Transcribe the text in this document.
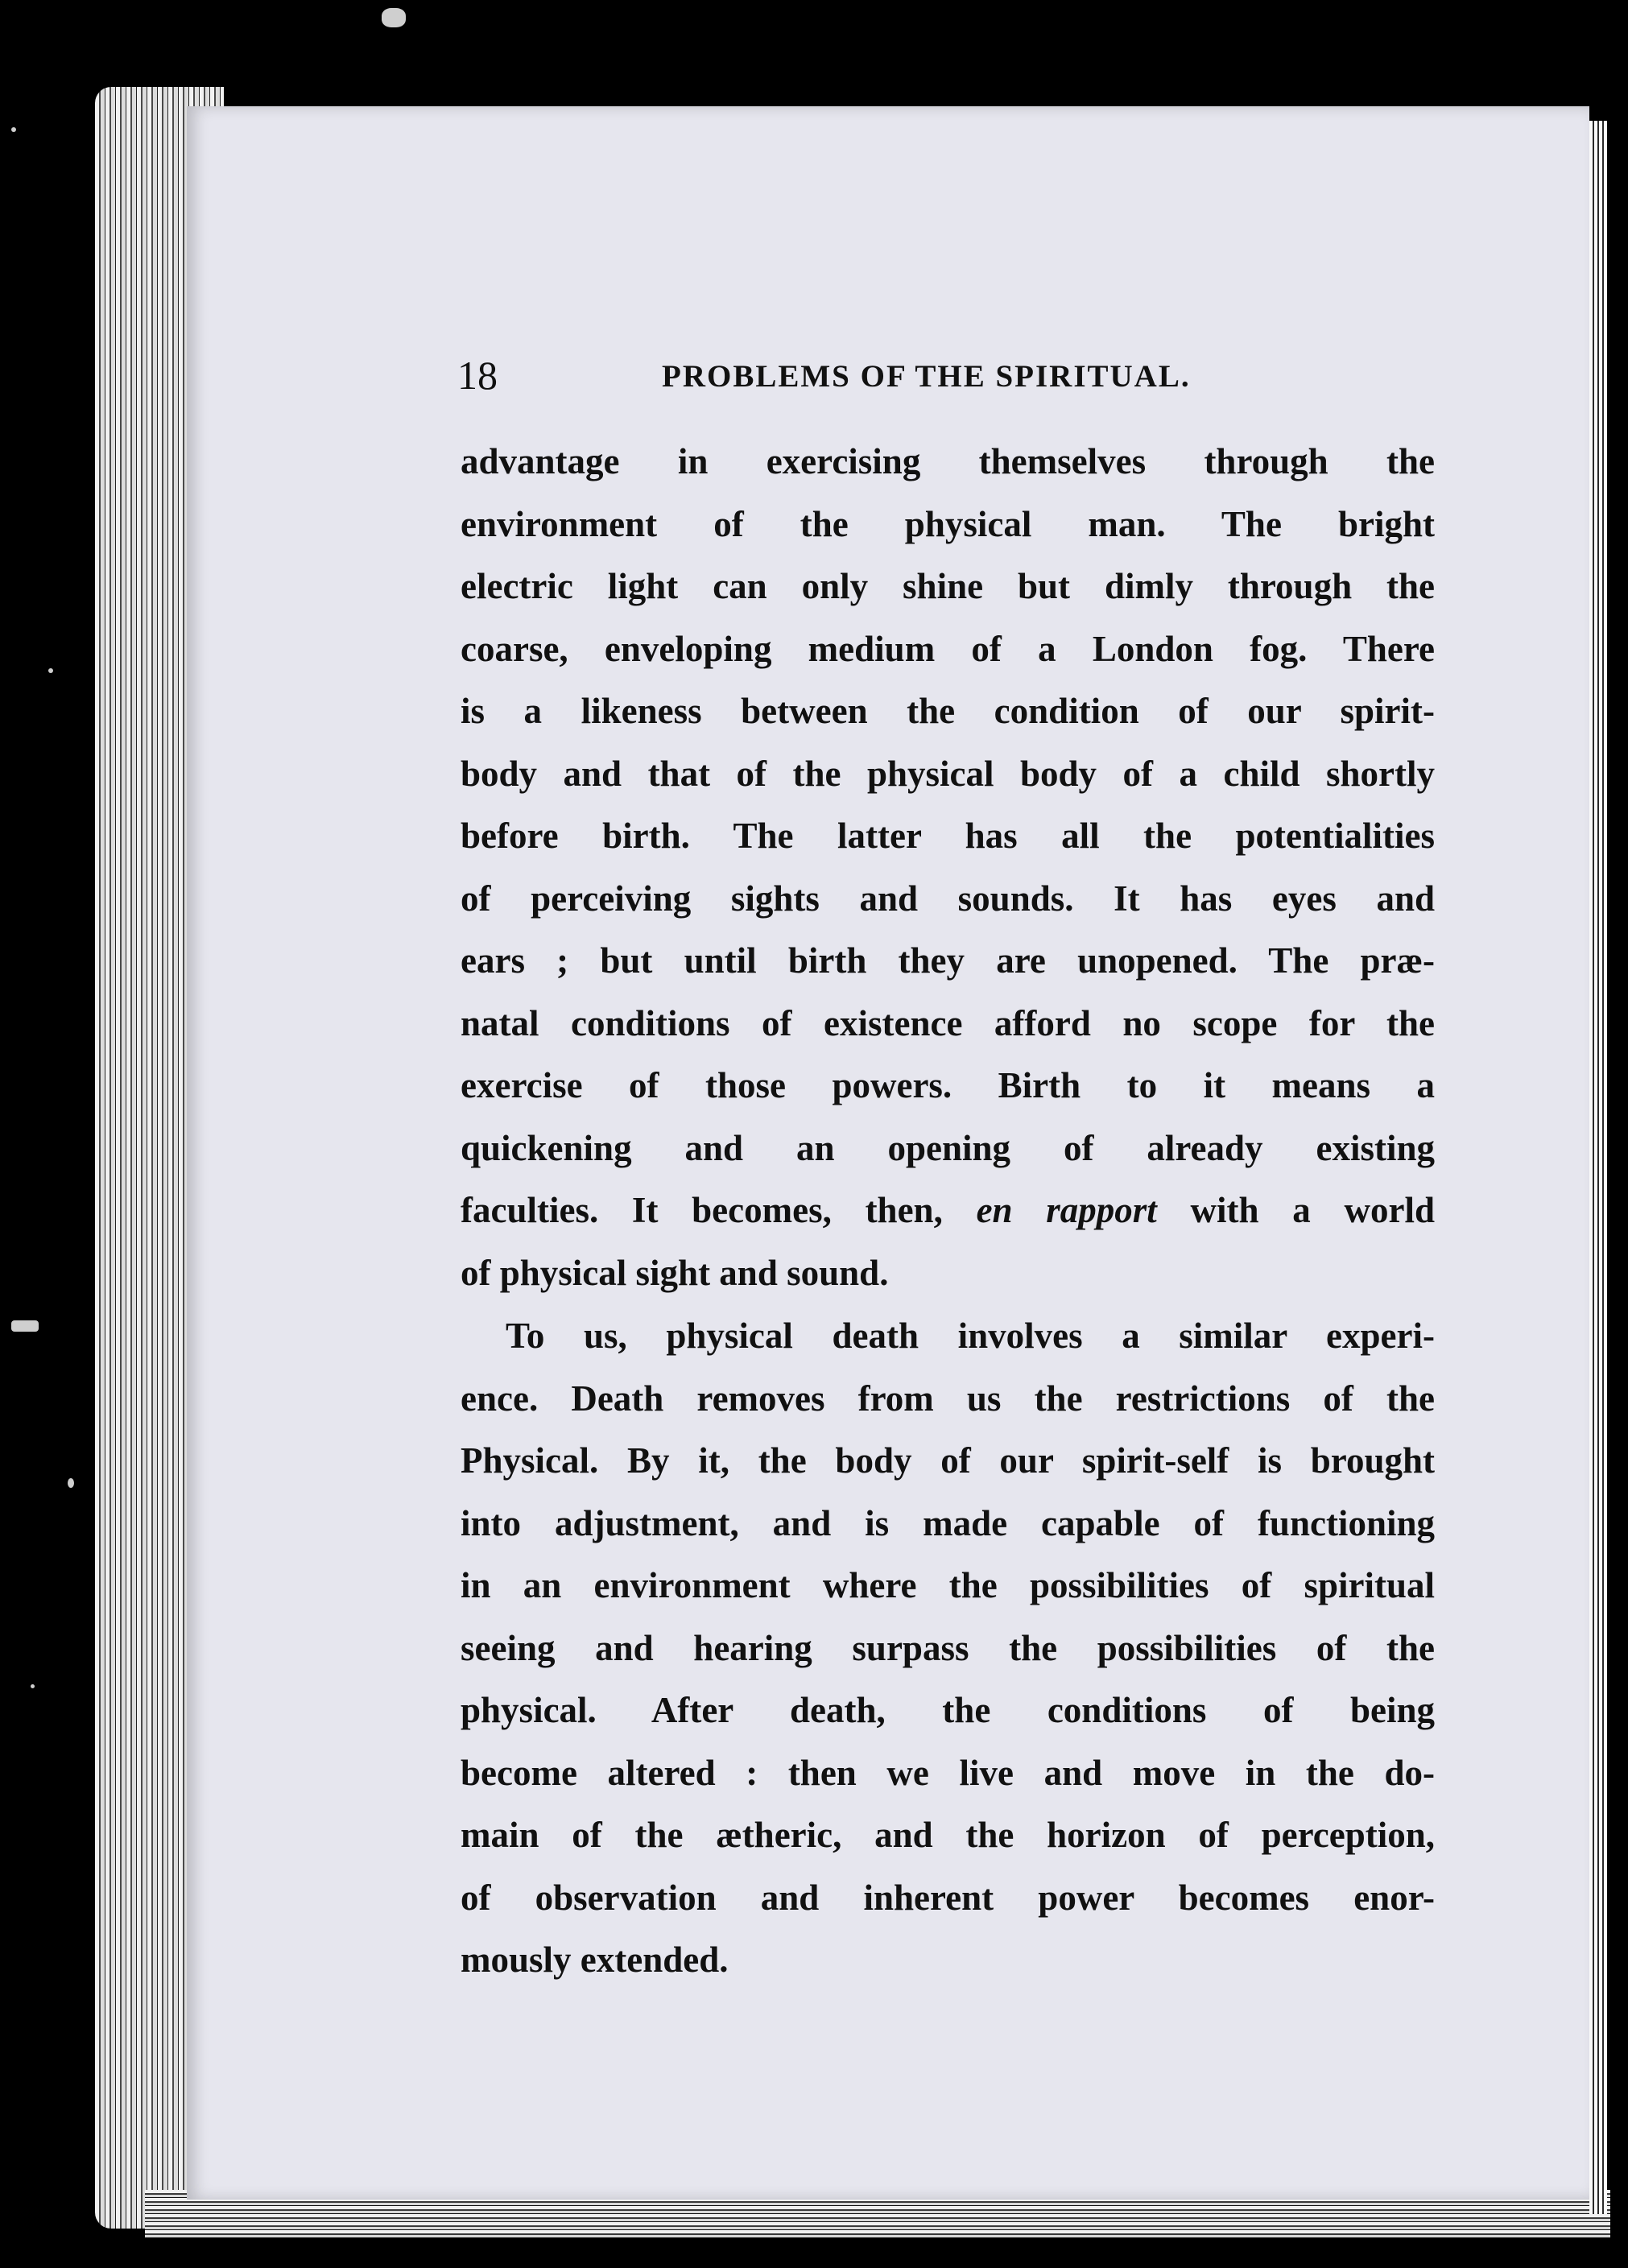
18	PROBLEMS OF THE SPIRITUAL.
advantage in exercising themselves through the
environment of the physical man. The bright
electric light can only shine but dimly through the
coarse, enveloping medium of a London fog. There
is a likeness between the condition of our spirit-
body and that of the physical body of a child shortly
before birth. The latter has all the potentialities
of perceiving sights and sounds. It has eyes and
ears ; but until birth they are unopened. The præ-
natal conditions of existence afford no scope for the
exercise of those powers. Birth to it means a
quickening and an opening of already existing
faculties. It becomes, then, en rapport with a world
of physical sight and sound.
To us, physical death involves a similar experi-
ence. Death removes from us the restrictions of the
Physical. By it, the body of our spirit-self is brought
into adjustment, and is made capable of functioning
in an environment where the possibilities of spiritual
seeing and hearing surpass the possibilities of the
physical. After death, the conditions of being
become altered : then we live and move in the do-
main of the ætheric, and the horizon of perception,
of observation and inherent power becomes enor-
mously extended.
